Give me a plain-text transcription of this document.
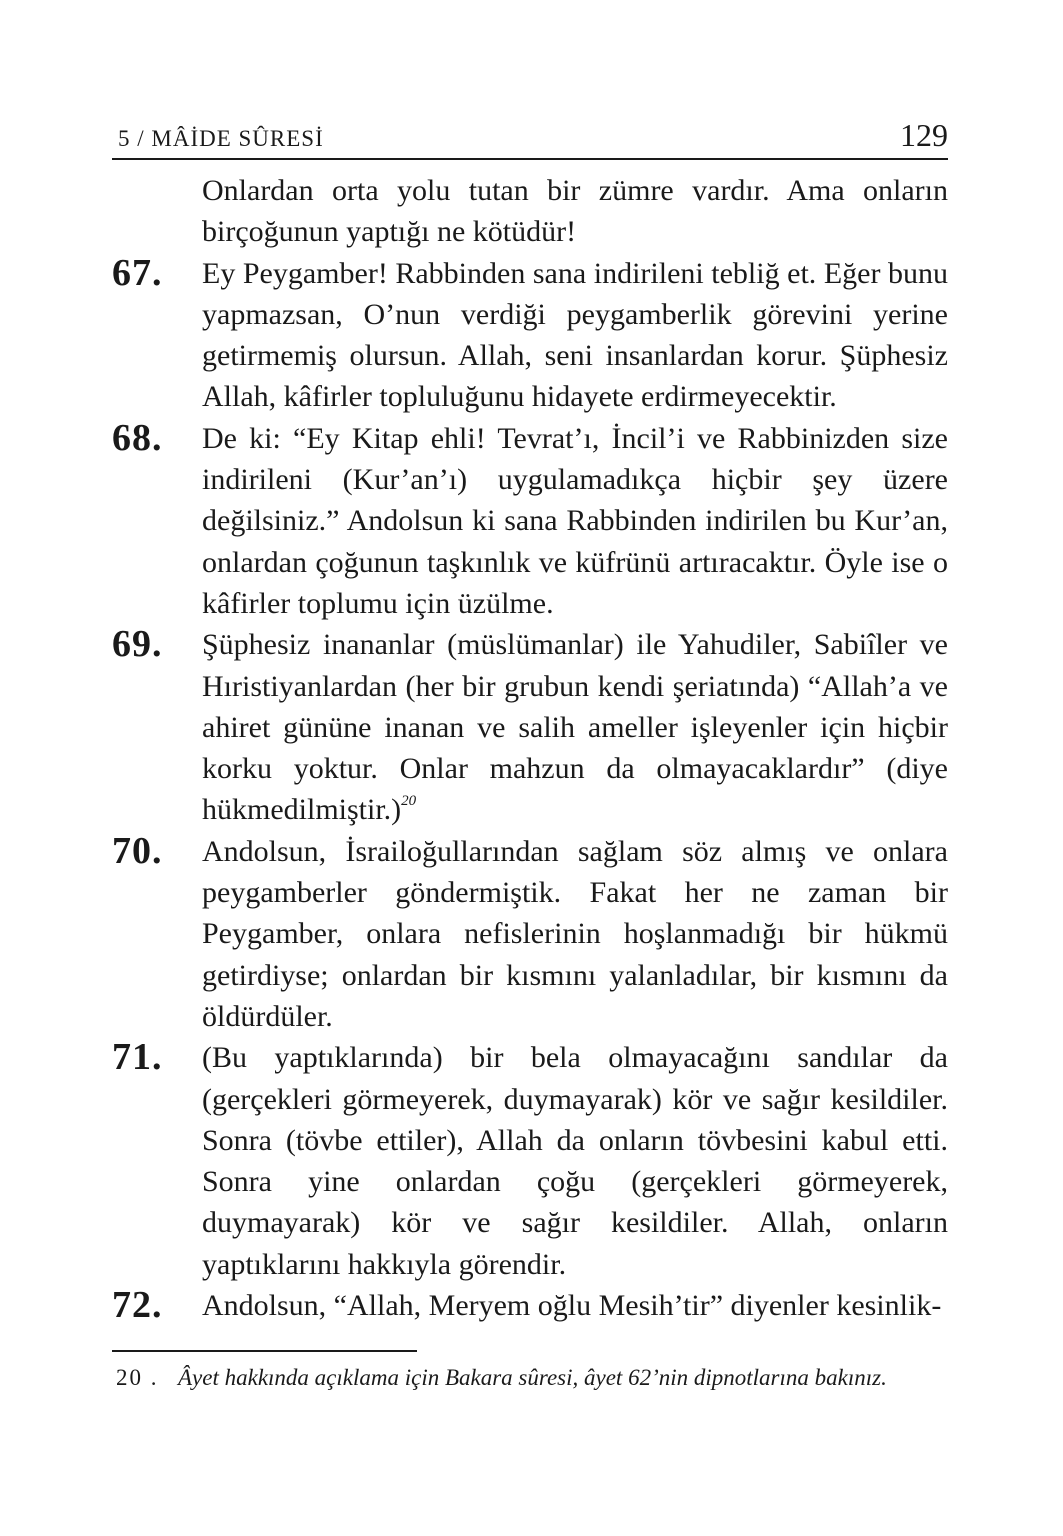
5 / MÂİDE SÛRESİ	129

Onlardan orta yolu tutan bir zümre vardır. Ama onların birçoğunun yaptığı ne kötüdür!

67. Ey Peygamber! Rabbinden sana indirileni tebliğ et. Eğer bunu yapmazsan, O’nun verdiği peygamberlik görevini yerine getirmemiş olursun. Allah, seni insanlardan korur. Şüphesiz Allah, kâfirler topluluğunu hidayete erdirmeyecektir.

68. De ki: “Ey Kitap ehli! Tevrat’ı, İncil’i ve Rabbinizden size indirileni (Kur’an’ı) uygulamadıkça hiçbir şey üzere değilsiniz.” Andolsun ki sana Rabbinden indirilen bu Kur’an, onlardan çoğunun taşkınlık ve küfrünü artıracaktır. Öyle ise o kâfirler toplumu için üzülme.

69. Şüphesiz inananlar (müslümanlar) ile Yahudiler, Sabiîler ve Hıristiyanlardan (her bir grubun kendi şeriatında) “Allah’a ve ahiret gününe inanan ve salih ameller işleyenler için hiçbir korku yoktur. Onlar mahzun da olmayacaklardır” (diye hükmedilmiştir.)$^{20}$

70. Andolsun, İsrailoğullarından sağlam söz almış ve onlara peygamberler göndermiştik. Fakat her ne zaman bir Peygamber, onlara nefislerinin hoşlanmadığı bir hükmü getirdiyse; onlardan bir kısmını yalanladılar, bir kısmını da öldürdüler.

71. (Bu yaptıklarında) bir bela olmayacağını sandılar da (gerçekleri görmeyerek, duymayarak) kör ve sağır kesildiler. Sonra (tövbe ettiler), Allah da onların tövbesini kabul etti. Sonra yine onlardan çoğu (gerçekleri görmeyerek, duymayarak) kör ve sağır kesildiler. Allah, onların yaptıklarını hakkıyla görendir.

72. Andolsun, “Allah, Meryem oğlu Mesih’tir” diyenler kesinlik-

20 . Âyet hakkında açıklama için Bakara sûresi, âyet 62’nin dipnotlarına bakınız.
